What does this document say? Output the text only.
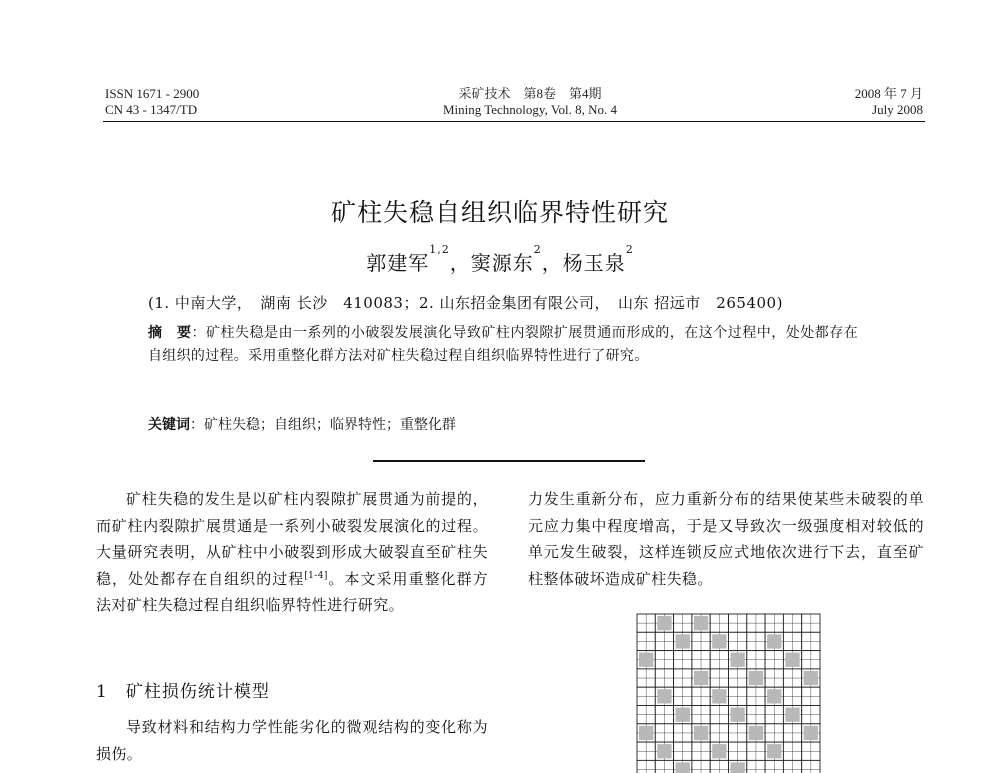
ISSN 1671 - 2900
CN 43 - 1347/TD
采矿技术　第8卷　第4期
Mining Technology, Vol. 8, No. 4
2008 年 7 月
July 2008
矿柱失稳自组织临界特性研究
郭建军$^{1,2}$，窦源东$^2$，杨玉泉$^2$
(1. 中南大学，　湖南 长沙　410083；2. 山东招金集团有限公司，　山东 招远市　265400)
摘　要：矿柱失稳是由一系列的小破裂发展演化导致矿柱内裂隙扩展贯通而形成的，在这个过程中，处处都存在自组织的过程。采用重整化群方法对矿柱失稳过程自组织临界特性进行了研究。
关键词：矿柱失稳；自组织；临界特性；重整化群

矿柱失稳的发生是以矿柱内裂隙扩展贯通为前提的，而矿柱内裂隙扩展贯通是一系列小破裂发展演化的过程。大量研究表明，从矿柱中小破裂到形成大破裂直至矿柱失稳，处处都存在自组织的过程[1-4]。本文采用重整化群方法对矿柱失稳过程自组织临界特性进行研究。

1　矿柱损伤统计模型

导致材料和结构力学性能劣化的微观结构的变化称为损伤。

力发生重新分布，应力重新分布的结果使某些未破裂的单元应力集中程度增高，于是又导致次一级强度相对较低的单元发生破裂，这样连锁反应式地依次进行下去，直至矿柱整体破坏造成矿柱失稳。
